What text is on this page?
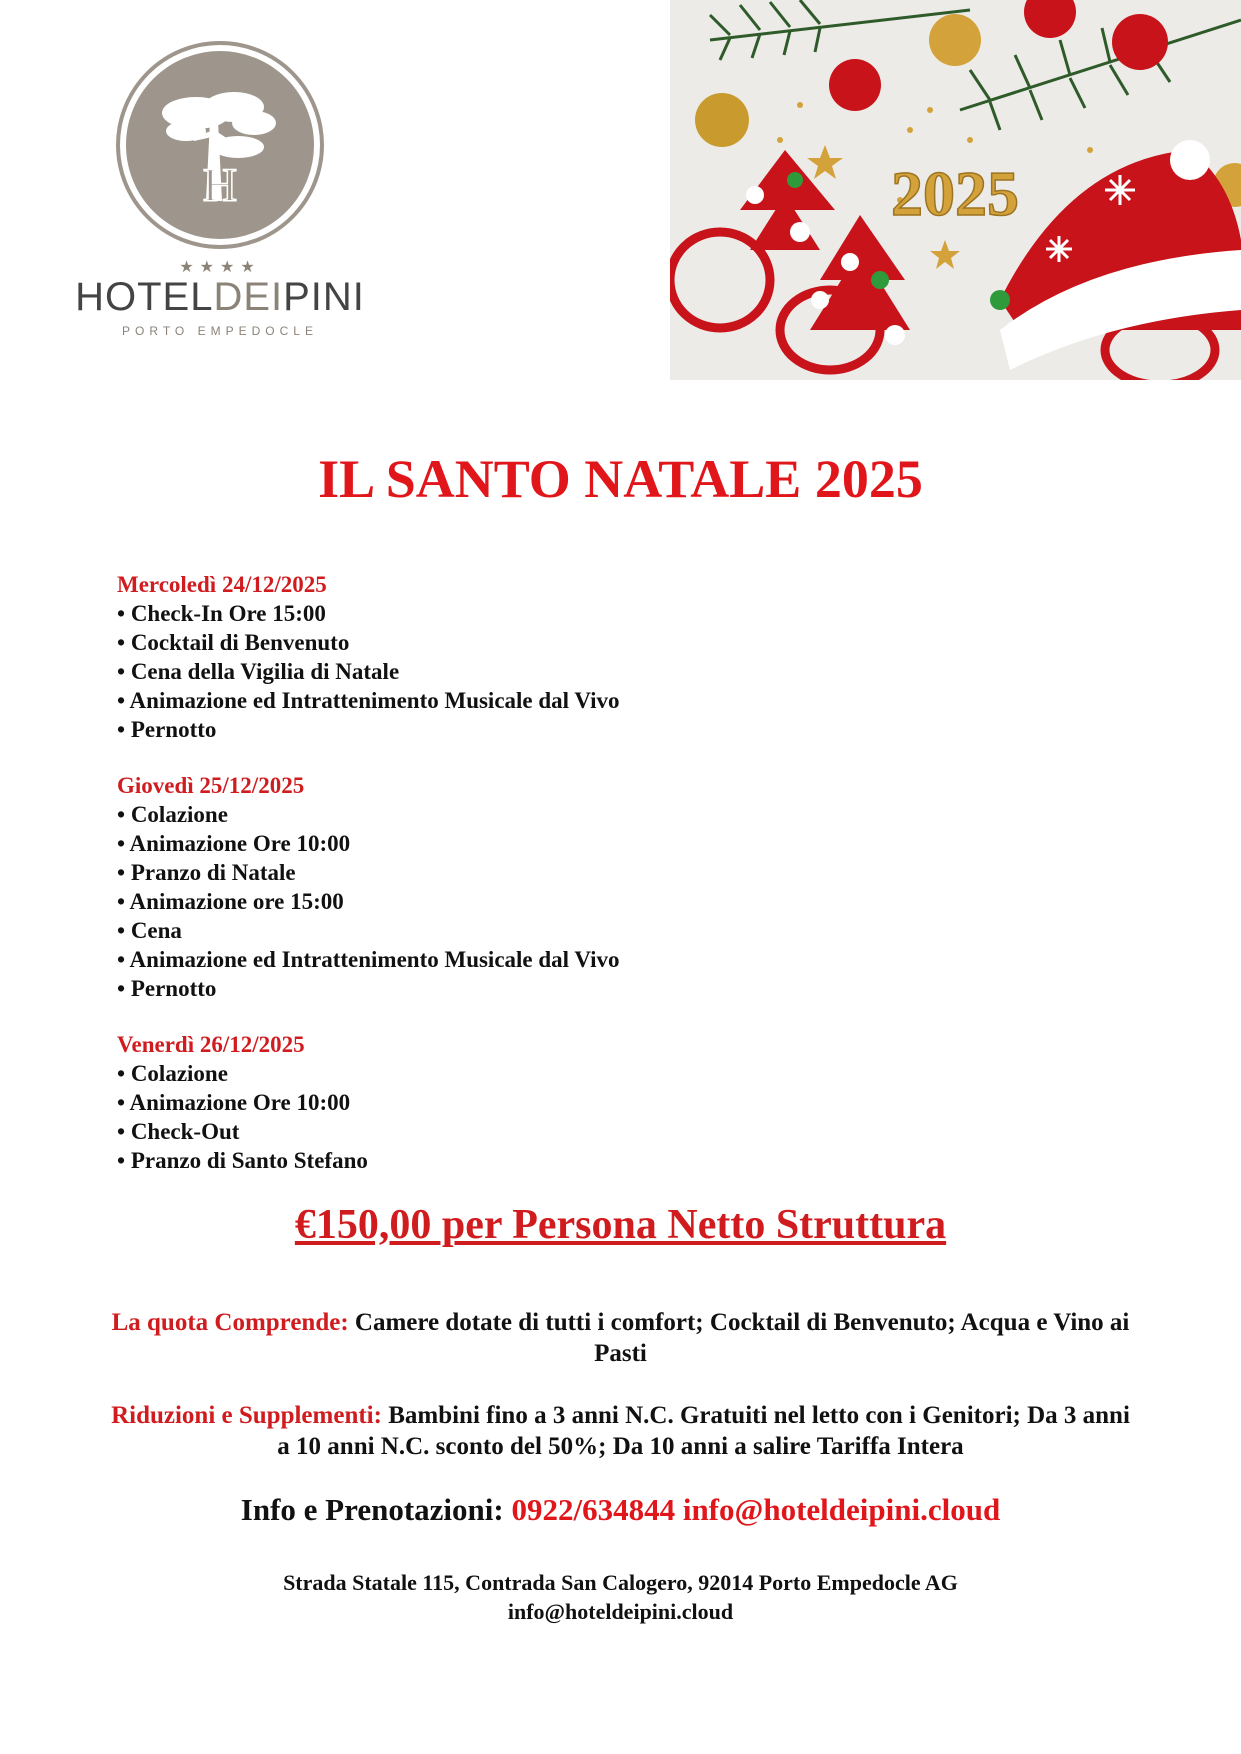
H
★★★★
HOTELDEIPINI
PORTO EMPEDOCLE
2025
IL SANTO NATALE 2025

Mercoledì 24/12/2025

• Check-In Ore 15:00
• Cocktail di Benvenuto
• Cena della Vigilia di Natale
• Animazione ed Intrattenimento Musicale dal Vivo
• Pernotto

Giovedì 25/12/2025

• Colazione
• Animazione Ore 10:00
• Pranzo di Natale
• Animazione ore 15:00
• Cena
• Animazione ed Intrattenimento Musicale dal Vivo
• Pernotto

Venerdì 26/12/2025

• Colazione
• Animazione Ore 10:00
• Check-Out
• Pranzo di Santo Stefano
€150,00 per Persona Netto Struttura
La quota Comprende: Camere dotate di tutti i comfort; Cocktail di Benvenuto; Acqua e Vino ai Pasti
Riduzioni e Supplementi: Bambini fino a 3 anni N.C. Gratuiti nel letto con i Genitori; Da 3 anni a 10 anni N.C. sconto del 50%; Da 10 anni a salire Tariffa Intera
Info e Prenotazioni: 0922/634844 info@hoteldeipini.cloud
Strada Statale 115, Contrada San Calogero, 92014 Porto Empedocle AG
info@hoteldeipini.cloud
